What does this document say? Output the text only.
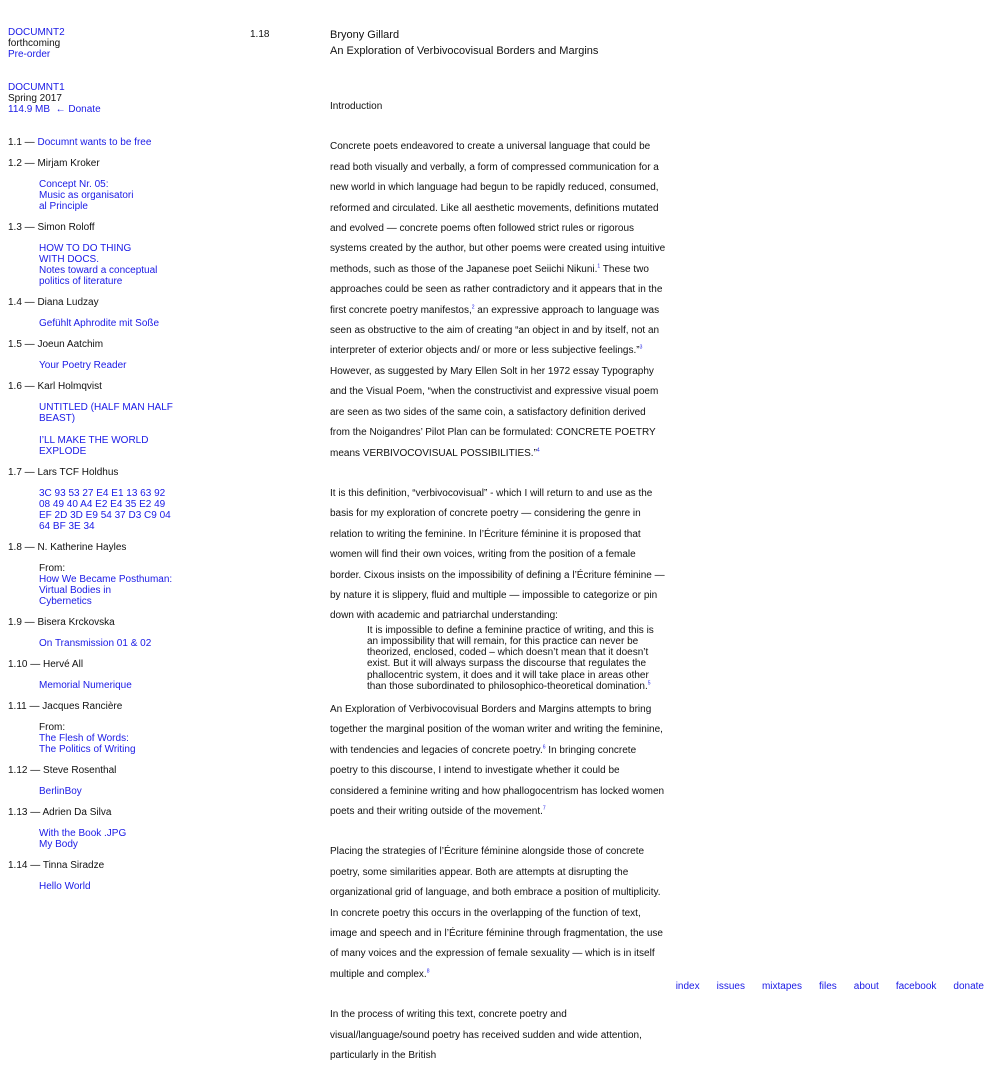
DOCUMNT2
forthcoming
Pre-order
DOCUMNT1
Spring 2017
114.9 MB ← Donate
1.1 — Documnt wants to be free
1.2 — Mirjam Kroker
Concept Nr. 05:
Music as organisatori
al Principle
1.3 — Simon Roloff
HOW TO DO THING
WITH DOCS.
Notes toward a conceptual
politics of literature
1.4 — Diana Ludzay
Gefühlt Aphrodite mit Soße
1.5 — Joeun Aatchim
Your Poetry Reader
1.6 — Karl Holmqvist
UNTITLED (HALF MAN HALF
BEAST)
I’LL MAKE THE WORLD
EXPLODE
1.7 — Lars TCF Holdhus
3C 93 53 27 E4 E1 13 63 92
08 49 40 A4 E2 E4 35 E2 49
EF 2D 3D E9 54 37 D3 C9 04
64 BF 3E 34
1.8 — N. Katherine Hayles
From:
How We Became Posthuman:
Virtual Bodies in
Cybernetics
1.9 — Bisera Krckovska
On Transmission 01 & 02
1.10 — Hervé All
Memorial Numerique
1.11 — Jacques Rancière
From:
The Flesh of Words:
The Politics of Writing
1.12 — Steve Rosenthal
BerlinBoy
1.13 — Adrien Da Silva
With the Book .JPG
My Body
1.14 — Tinna Siradze
Hello World
1.18	Bryony Gillard
An Exploration of Verbivocovisual Borders and Margins

Introduction

Concrete poets endeavored to create a universal language that could be read both visually and verbally, a form of compressed communication for a new world in which language had begun to be rapidly reduced, consumed, reformed and circulated. Like all aesthetic movements, definitions mutated and evolved — concrete poems often followed strict rules or rigorous systems created by the author, but other poems were created using intuitive methods, such as those of the Japanese poet Seiichi Nikuni.$^1$ These two approaches could be seen as rather contradictory and it appears that in the first concrete poetry manifestos,$^2$ an expressive approach to language was seen as obstructive to the aim of creating “an object in and by itself, not an interpreter of exterior objects and/ or more or less subjective feelings.”$^3$ However, as suggested by Mary Ellen Solt in her 1972 essay Typography and the Visual Poem, “when the constructivist and expressive visual poem are seen as two sides of the same coin, a satisfactory definition derived from the Noigandres’ Pilot Plan can be formulated: CONCRETE POETRY means VERBIVOCOVISUAL POSSIBILITIES.”$^4$

It is this definition, “verbivocovisual” - which I will return to and use as the basis for my exploration of concrete poetry — considering the genre in relation to writing the feminine. In l’Écriture féminine it is proposed that women will find their own voices, writing from the position of a female border. Cixous insists on the impossibility of defining a l’Écriture féminine — by nature it is slippery, fluid and multiple — impossible to categorize or pin down with academic and patriarchal understanding:

It is impossible to define a feminine practice of writing, and this is an impossibility that will remain, for this practice can never be theorized, enclosed, coded – which doesn’t mean that it doesn’t exist. But it will always surpass the discourse that regulates the phallocentric system, it does and it will take place in areas other than those subordinated to philosophico-theoretical domination.$^5$

An Exploration of Verbivocovisual Borders and Margins attempts to bring together the marginal position of the woman writer and writing the feminine, with tendencies and legacies of concrete poetry.$^6$ In bringing concrete poetry to this discourse, I intend to investigate whether it could be considered a feminine writing and how phallogocentrism has locked women poets and their writing outside of the movement.$^7$

Placing the strategies of l’Écriture féminine alongside those of concrete poetry, some similarities appear. Both are attempts at disrupting the organizational grid of language, and both embrace a position of multiplicity. In concrete poetry this occurs in the overlapping of the function of text, image and speech and in l’Écriture féminine through fragmentation, the use of many voices and the expression of female sexuality — which is in itself multiple and complex.$^8$

In the process of writing this text, concrete poetry and visual/language/sound poetry has received sudden and wide attention, particularly in the British

index issues mixtapes files about facebook donate
